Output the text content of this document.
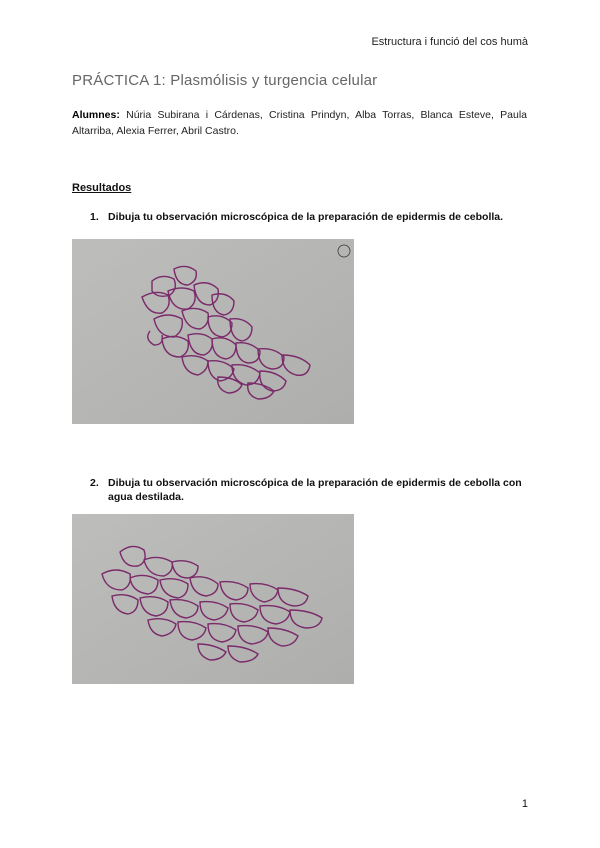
Estructura i funció del cos humà
PRÁCTICA 1: Plasmólisis y turgencia celular
Alumnes: Núria Subirana i Cárdenas, Cristina Prindyn, Alba Torras, Blanca Esteve, Paula Altarriba, Alexia Ferrer, Abril Castro.
Resultados
1. Dibuja tu observación microscópica de la preparación de epidermis de cebolla.
2. Dibuja tu observación microscópica de la preparación de epidermis de cebolla con agua destilada.
1
